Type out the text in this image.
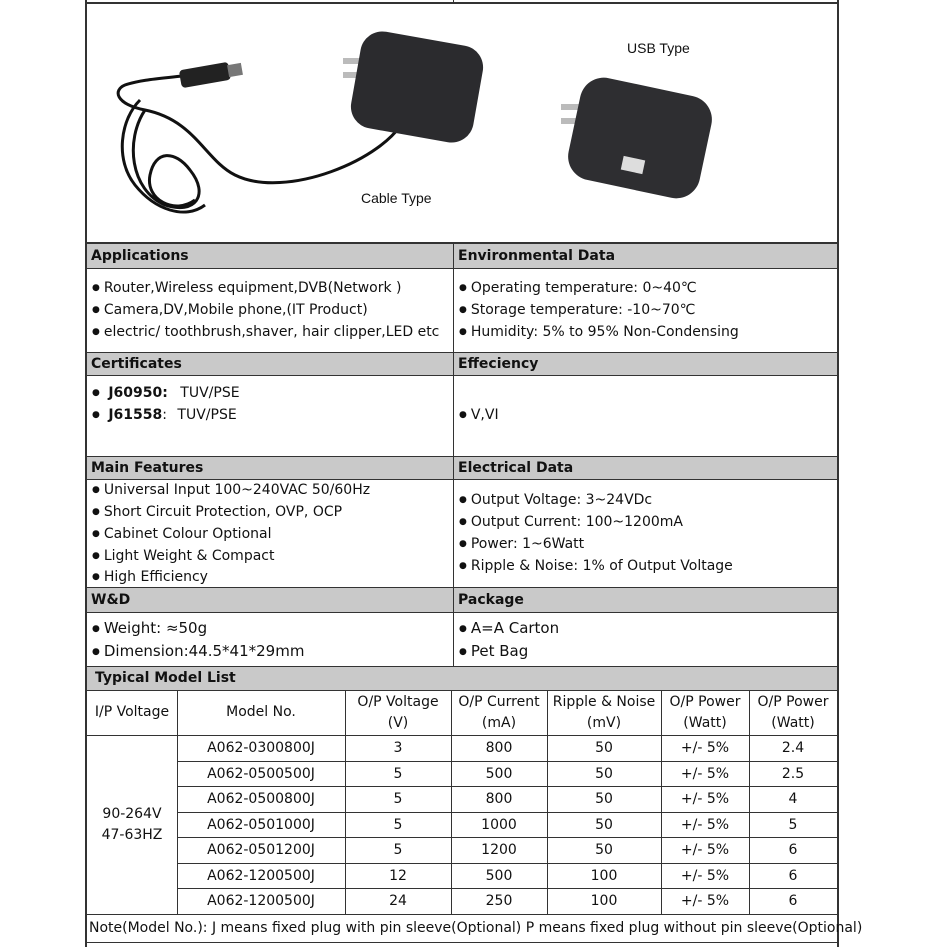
Cable Type
USB Type
Applications	Environmental Data
Certificates	Effeciency
Main Features	Electrical Data
W&D	Package
Typical Model List
● Router,Wireless equipment,DVB(Network )
● Camera,DV,Mobile phone,(IT Product)
● electric/ toothbrush,shaver, hair clipper,LED etc
● Operating temperature: 0~40℃
● Storage temperature: -10~70℃
● Humidity: 5% to 95% Non-Condensing
● J60950: TUV/PSE
● J61558: TUV/PSE
●	V,VI
● Universal Input 100~240VAC 50/60Hz
● Short Circuit Protection, OVP, OCP
● Cabinet Colour Optional
● Light Weight & Compact
● High Efficiency
● Output Voltage: 3~24VDc
● Output Current: 100~1200mA
● Power: 1~6Watt
● Ripple & Noise: 1% of Output Voltage
● Weight: ≈50g
● Dimension:44.5*41*29mm
● A=A Carton
● Pet Bag
I/P Voltage	Model No.
O/P Voltage
(V)
O/P Current
(mA)
Ripple & Noise
(mV)
O/P Power
(Watt)
O/P Power
(Watt)
90-264V
47-63HZ
Note(Model No.): J means fixed plug with pin sleeve(Optional) P means fixed plug without pin sleeve(Optional)
A062-0300800J	3	800	50	+/- 5%	2.4
A062-0500500J	5	500	50	+/- 5%	2.5
A062-0500800J	5	800	50	+/- 5%	4
A062-0501000J	5	1000	50	+/- 5%	5
A062-0501200J	5	1200	50	+/- 5%	6
A062-1200500J	12	500	100	+/- 5%	6
A062-1200500J	24	250	100	+/- 5%	6
